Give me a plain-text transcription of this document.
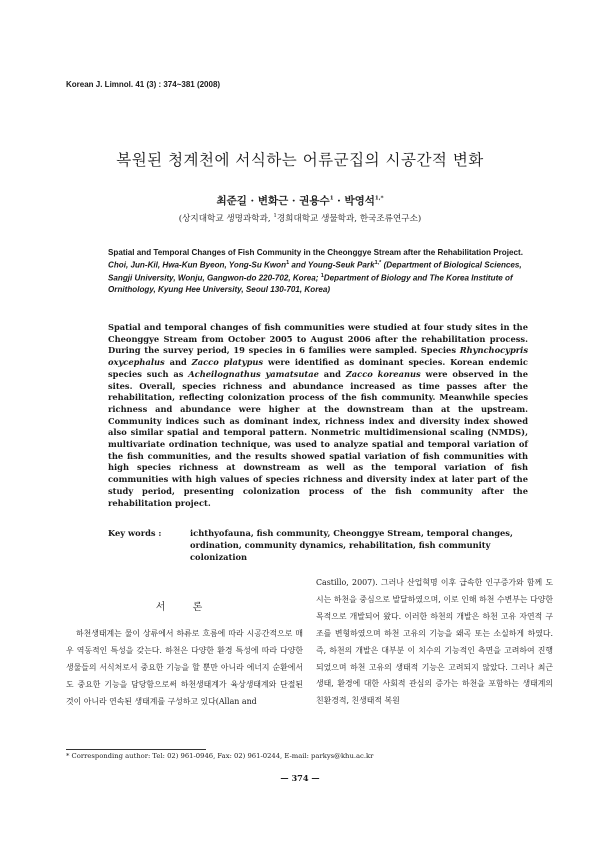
Korean J. Limnol. 41 (3) : 374~381 (2008)
복원된 청계천에 서식하는 어류군집의 시공간적 변화
최준길 · 변화근 · 권용수$^1$ · 박영석$^{1,*}$
(상지대학교 생명과학과, $^1$경희대학교 생물학과, 한국조류연구소)
Spatial and Temporal Changes of Fish Community in the Cheonggye Stream after the Rehabilitation Project. Choi, Jun-Kil, Hwa-Kun Byeon, Yong-Su Kwon$^1$ and Young-Seuk Park$^{1,*}$ (Department of Biological Sciences, Sangji University, Wonju, Gangwon-do 220-702, Korea; $^1$Department of Biology and The Korea Institute of Ornithology, Kyung Hee University, Seoul 130-701, Korea)
Spatial and temporal changes of fish communities were studied at four study sites in the Cheonggye Stream from October 2005 to August 2006 after the rehabilitation process. During the survey period, 19 species in 6 families were sampled. Species Rhynchocypris oxycephalus and Zacco platypus were identified as dominant species. Korean endemic species such as Acheilognathus yamatsutae and Zacco koreanus were observed in the sites. Overall, species richness and abundance increased as time passes after the rehabilitation, reflecting colonization process of the fish community. Meanwhile species richness and abundance were higher at the downstream than at the upstream. Community indices such as dominant index, richness index and diversity index showed also similar spatial and temporal pattern. Nonmetric multidimensional scaling (NMDS), multivariate ordination technique, was used to analyze spatial and temporal variation of the fish communities, and the results showed spatial variation of fish communities with high species richness at downstream as well as the temporal variation of fish communities with high values of species richness and diversity index at later part of the study period, presenting colonization process of the fish community after the rehabilitation project.
Key words :	ichthyofauna, fish community, Cheonggye Stream, temporal changes, ordination, community dynamics, rehabilitation, fish community colonization
서 론

하천생태계는 물이 상류에서 하류로 흐름에 따라 시공간적으로 매우 역동적인 특성을 갖는다. 하천은 다양한 환경 특성에 따라 다양한 생물들의 서식처로서 중요한 기능을 할 뿐만 아니라 에너지 순환에서도 중요한 기능을 담당함으로써 하천생태계가 육상생태계와 단절된 것이 아니라 연속된 생태계를 구성하고 있다(Allan and

Castillo, 2007). 그러나 산업혁명 이후 급속한 인구증가와 함께 도시는 하천을 중심으로 발달하였으며, 이로 인해 하천 수변부는 다양한 목적으로 개발되어 왔다. 이러한 하천의 개발은 하천 고유 자연적 구조를 변형하였으며 하천 고유의 기능을 왜곡 또는 소실하게 하였다. 즉, 하천의 개발은 대부분 이 치수의 기능적인 측면을 고려하여 진행되었으며 하천 고유의 생태적 기능은 고려되지 않았다. 그러나 최근 생태, 환경에 대한 사회적 관심의 증가는 하천을 포함하는 생태계의 친환경적, 친생태적 복원

* Corresponding author: Tel: 02) 961-0946, Fax: 02) 961-0244, E-mail: parkys@khu.ac.kr
— 374 —
